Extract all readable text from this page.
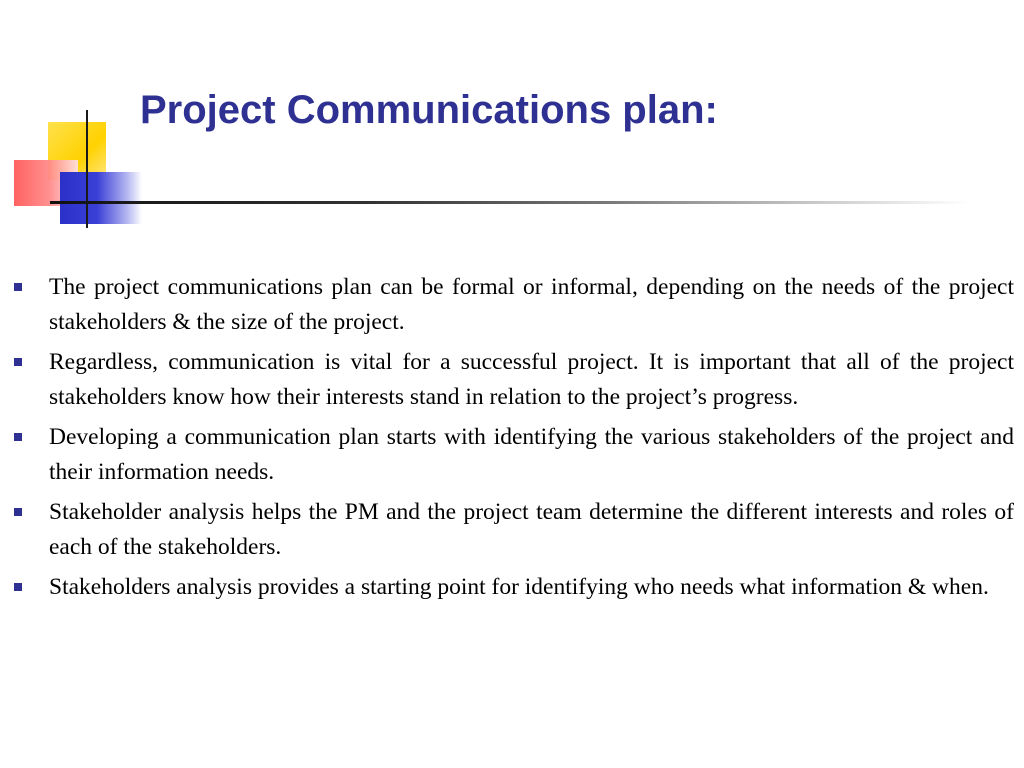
Project Communications plan:
The project communications plan can be formal or informal, depending on the needs of the project stakeholders & the size of the project.
Regardless, communication is vital for a successful project. It is important that all of the project stakeholders know how their interests stand in relation to the project’s progress.
Developing a communication plan starts with identifying the various stakeholders of the project and their information needs.
Stakeholder analysis helps the PM and the project team determine the different interests and roles of each of the stakeholders.
Stakeholders analysis provides a starting point for identifying who needs what information & when.
